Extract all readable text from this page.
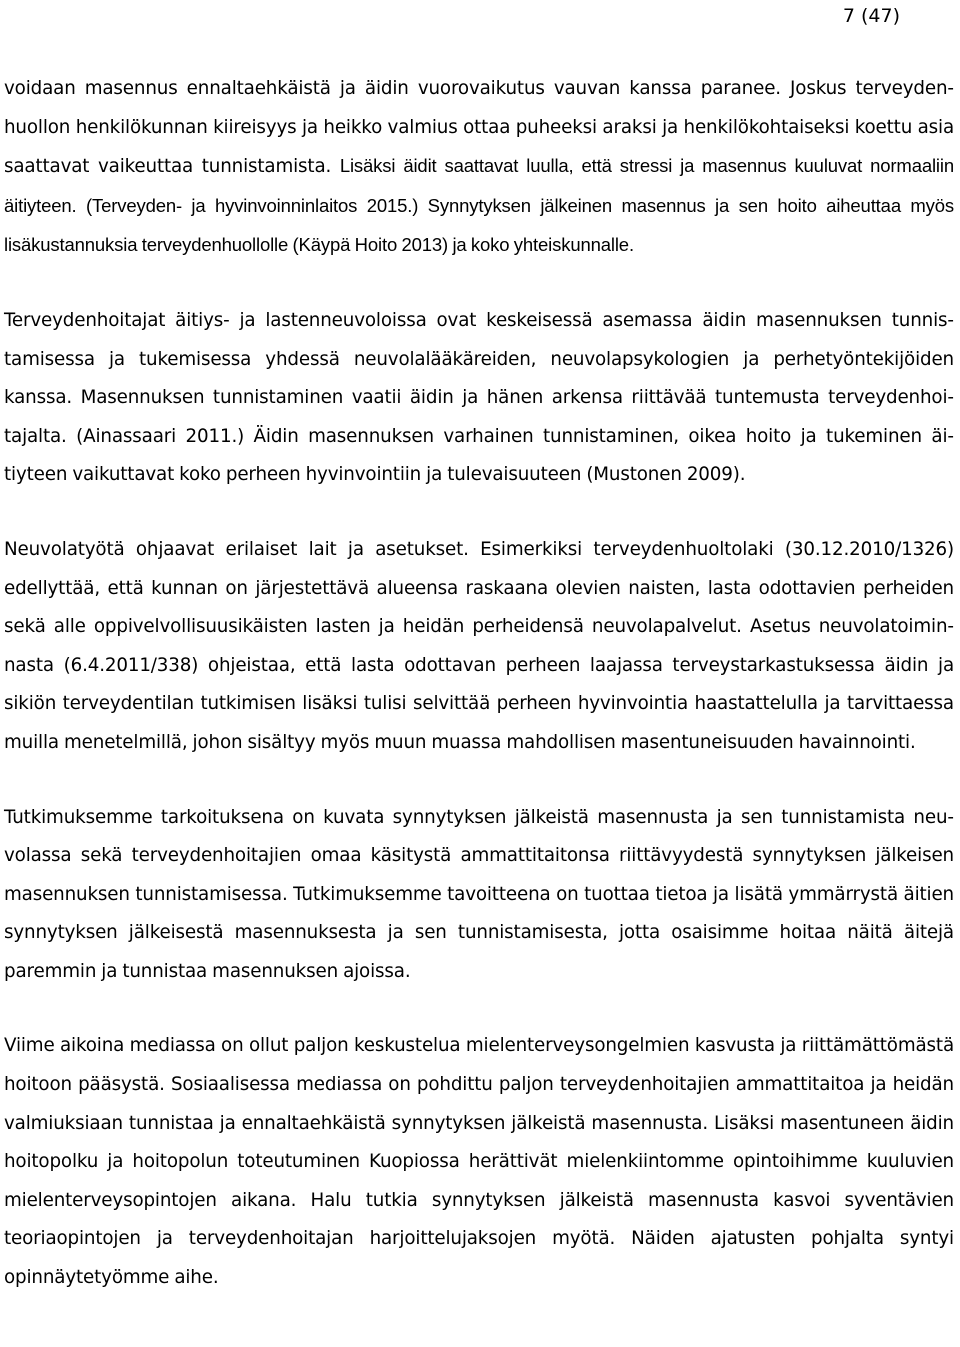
7 (47)

voidaan masennus ennaltaehkäistä ja äidin vuorovaikutus vauvan kanssa paranee. Joskus terveydenhuollon henkilökunnan kiireisyys ja heikko valmius ottaa puheeksi araksi ja henkilökohtaiseksi koettu asia saattavat vaikeuttaa tunnistamista. Lisäksi äidit saattavat luulla, että stressi ja masennus kuuluvat normaaliin äitiyteen. (Terveyden- ja hyvinvoinninlaitos 2015.) Synnytyksen jälkeinen masennus ja sen hoito aiheuttaa myös lisäkustannuksia terveydenhuollolle (Käypä Hoito 2013) ja koko yhteiskunnalle.

Terveydenhoitajat äitiys- ja lastenneuvoloissa ovat keskeisessä asemassa äidin masennuksen tunnistamisessa ja tukemisessa yhdessä neuvolalääkäreiden, neuvolapsykologien ja perhetyöntekijöiden kanssa. Masennuksen tunnistaminen vaatii äidin ja hänen arkensa riittävää tuntemusta terveydenhoitajalta. (Ainassaari 2011.) Äidin masennuksen varhainen tunnistaminen, oikea hoito ja tukeminen äitiyteen vaikuttavat koko perheen hyvinvointiin ja tulevaisuuteen (Mustonen 2009).

Neuvolatyötä ohjaavat erilaiset lait ja asetukset. Esimerkiksi terveydenhuoltolaki (30.12.2010/1326) edellyttää, että kunnan on järjestettävä alueensa raskaana olevien naisten, lasta odottavien perheiden sekä alle oppivelvollisuusikäisten lasten ja heidän perheidensä neuvolapalvelut. Asetus neuvolatoiminnasta (6.4.2011/338) ohjeistaa, että lasta odottavan perheen laajassa terveystarkastuksessa äidin ja sikiön terveydentilan tutkimisen lisäksi tulisi selvittää perheen hyvinvointia haastattelulla ja tarvittaessa muilla menetelmillä, johon sisältyy myös muun muassa mahdollisen masentuneisuuden havainnointi.

Tutkimuksemme tarkoituksena on kuvata synnytyksen jälkeistä masennusta ja sen tunnistamista neuvolassa sekä terveydenhoitajien omaa käsitystä ammattitaitonsa riittävyydestä synnytyksen jälkeisen masennuksen tunnistamisessa. Tutkimuksemme tavoitteena on tuottaa tietoa ja lisätä ymmärrystä äitien synnytyksen jälkeisestä masennuksesta ja sen tunnistamisesta, jotta osaisimme hoitaa näitä äitejä paremmin ja tunnistaa masennuksen ajoissa.

Viime aikoina mediassa on ollut paljon keskustelua mielenterveysongelmien kasvusta ja riittämättömästä hoitoon pääsystä. Sosiaalisessa mediassa on pohdittu paljon terveydenhoitajien ammattitaitoa ja heidän valmiuksiaan tunnistaa ja ennaltaehkäistä synnytyksen jälkeistä masennusta. Lisäksi masentuneen äidin hoitopolku ja hoitopolun toteutuminen Kuopiossa herättivät mielenkiintomme opintoihimme kuuluvien mielenterveysopintojen aikana. Halu tutkia synnytyksen jälkeistä masennusta kasvoi syventävien teoriaopintojen ja terveydenhoitajan harjoittelujaksojen myötä. Näiden ajatusten pohjalta syntyi opinnäytetyömme aihe.
